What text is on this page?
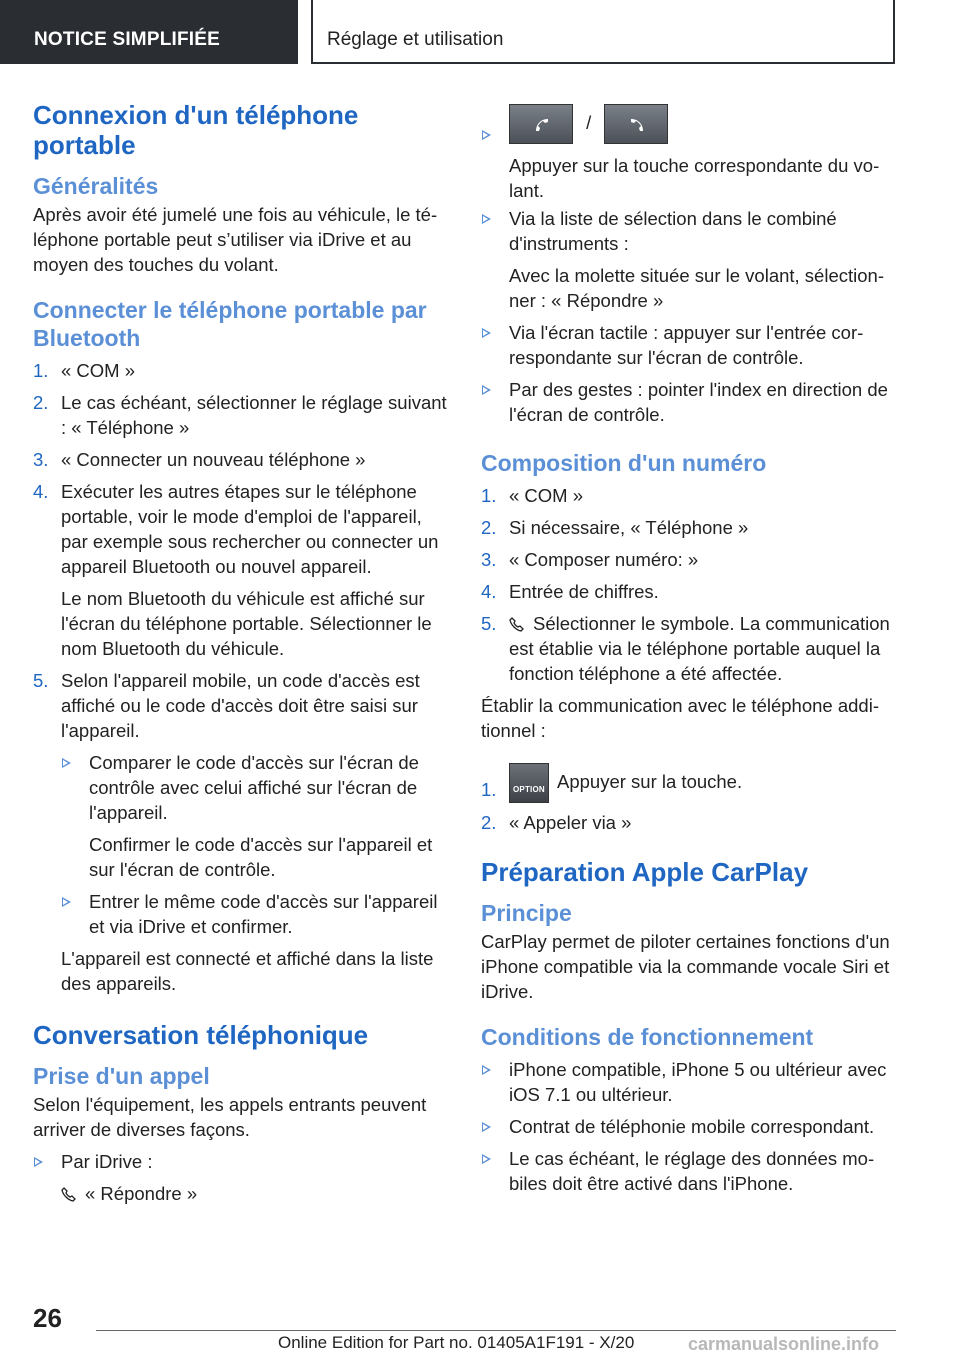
NOTICE SIMPLIFIÉE	Réglage et utilisation
Connexion d'un téléphone portable
Généralités

Après avoir été jumelé une fois au véhicule, le téléphone portable peut s’utiliser via iDrive et au moyen des touches du volant.

Connecter le téléphone portable par Bluetooth
1. « COM »
2. Le cas échéant, sélectionner le réglage suivant : « Téléphone »
3. « Connecter un nouveau téléphone »
4. Exécuter les autres étapes sur le téléphone portable, voir le mode d'emploi de l'appareil, par exemple sous rechercher ou connecter un appareil Bluetooth ou nouvel appareil.

Le nom Bluetooth du véhicule est affiché sur l'écran du téléphone portable. Sélectionner le nom Bluetooth du véhicule.

5. Selon l'appareil mobile, un code d'accès est affiché ou le code d'accès doit être saisi sur l'appareil.
Comparer le code d'accès sur l'écran de contrôle avec celui affiché sur l'écran de l'appareil.

Confirmer le code d'accès sur l'appareil et sur l'écran de contrôle.

Entrer le même code d'accès sur l'appareil et via iDrive et confirmer.

L'appareil est connecté et affiché dans la liste des appareils.

Conversation téléphonique
Prise d'un appel

Selon l'équipement, les appels entrants peuvent arriver de diverses façons.

Par iDrive :

« Répondre »

/

Appuyer sur la touche correspondante du volant.

Via la liste de sélection dans le combiné d'instruments :

Avec la molette située sur le volant, sélectionner : « Répondre »

Via l'écran tactile : appuyer sur l'entrée correspondante sur l'écran de contrôle.
Par des gestes : pointer l'index en direction de l'écran de contrôle.
Composition d'un numéro
1. « COM »
2. Si nécessaire, « Téléphone »
3. « Composer numéro: »
4. Entrée de chiffres.
5. Sélectionner le symbole. La communication est établie via le téléphone portable auquel la fonction téléphone a été affectée.

Établir la communication avec le téléphone additionnel :

1. OPTION Appuyer sur la touche.
2. « Appeler via »
Préparation Apple CarPlay
Principe

CarPlay permet de piloter certaines fonctions d'un iPhone compatible via la commande vocale Siri et iDrive.

Conditions de fonctionnement
iPhone compatible, iPhone 5 ou ultérieur avec iOS 7.1 ou ultérieur.
Contrat de téléphonie mobile correspondant.
Le cas échéant, le réglage des données mobiles doit être activé dans l'iPhone.
26
Online Edition for Part no. 01405A1F191 - X/20	carmanualsonline.info
